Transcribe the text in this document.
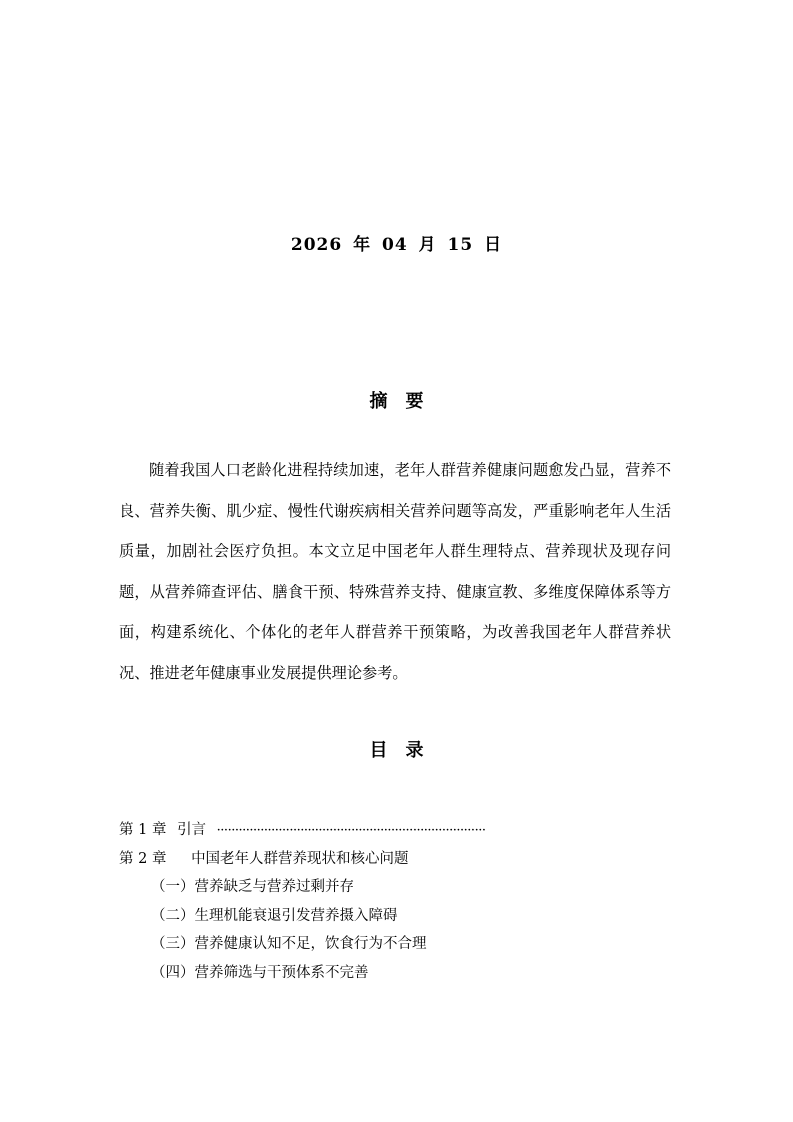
2026 年 04 月 15 日
摘要

随着我国人口老龄化进程持续加速，老年人群营养健康问题愈发凸显，营养不良、营养失衡、肌少症、慢性代谢疾病相关营养问题等高发，严重影响老年人生活质量，加剧社会医疗负担。本文立足中国老年人群生理特点、营养现状及现存问题，从营养筛查评估、膳食干预、特殊营养支持、健康宣教、多维度保障体系等方面，构建系统化、个体化的老年人群营养干预策略，为改善我国老年人群营养状况、推进老年健康事业发展提供理论参考。

目录
第 1 章 引言 ··········································································
第 2 章 中国老年人群营养现状和核心问题
（一）营养缺乏与营养过剩并存
（二）生理机能衰退引发营养摄入障碍
（三）营养健康认知不足，饮食行为不合理
（四）营养筛选与干预体系不完善
